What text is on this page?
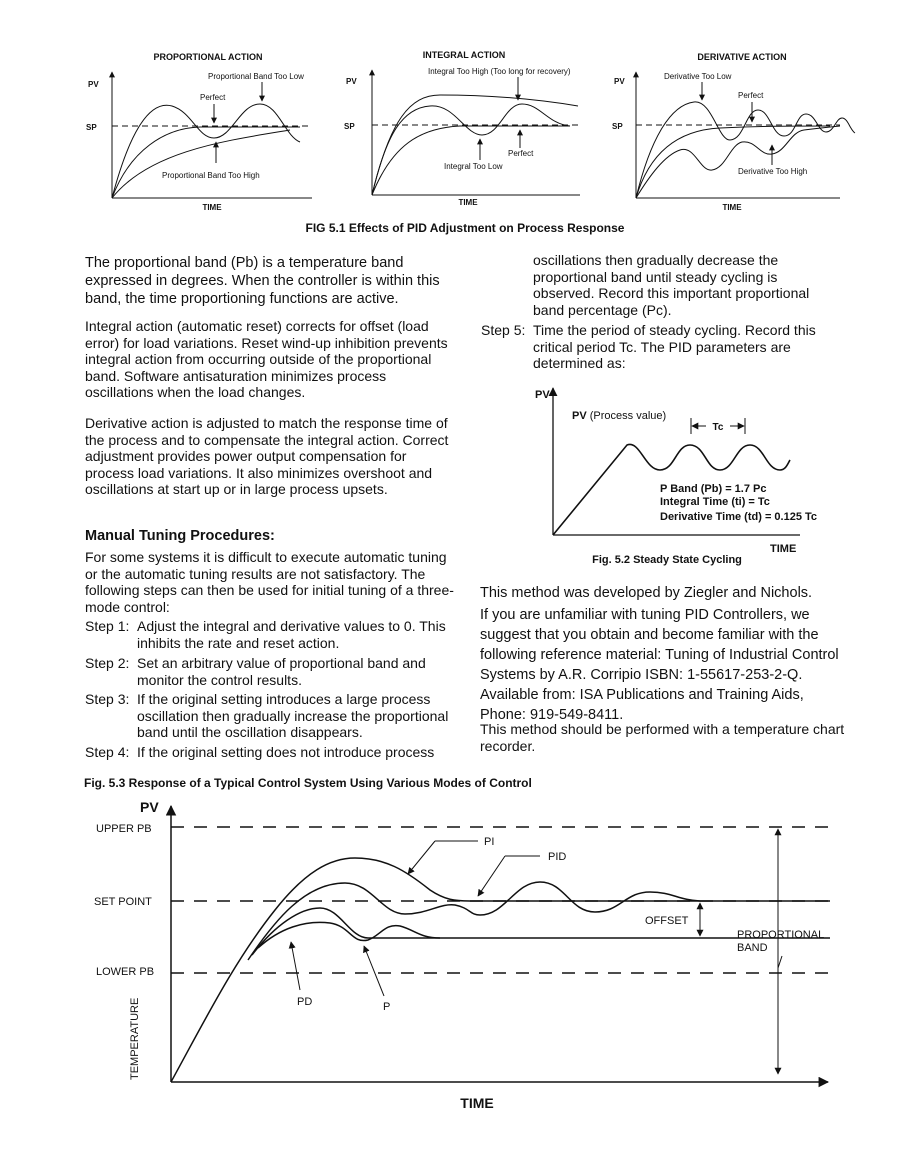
PROPORTIONAL ACTION
PV
SP
Proportional Band Too Low
Perfect
Proportional Band Too High
TIME
INTEGRAL ACTION
PV
SP
Integral Too High (Too long for recovery)
Perfect
Integral Too Low
TIME
DERIVATIVE ACTION
PV
SP
Derivative Too Low
Perfect
Derivative Too High
TIME
FIG 5.1 Effects of PID Adjustment on Process Response
The proportional band (Pb) is a temperature band expressed in degrees. When the controller is within this band, the time proportioning functions are active.
Integral action (automatic reset) corrects for offset (load error) for load variations. Reset wind-up inhibition prevents integral action from occurring outside of the proportional band. Software antisaturation minimizes process oscillations when the load changes.
Derivative action is adjusted to match the response time of the process and to compensate the integral action. Correct adjustment provides power output compensation for process load variations. It also minimizes overshoot and oscillations at start up or in large process upsets.
Manual Tuning Procedures:
For some systems it is difficult to execute automatic tuning or the automatic tuning results are not satisfactory. The following steps can then be used for initial tuning of a three-mode control:
Step 1: Adjust the integral and derivative values to 0. This inhibits the rate and reset action.
Step 2: Set an arbitrary value of proportional band and monitor the control results.
Step 3: If the original setting introduces a large process oscillation then gradually increase the proportional band until the oscillation disappears.
Step 4: If the original setting does not introduce process
oscillations then gradually decrease the proportional band until steady cycling is observed. Record this important proportional band percentage (Pc).
Step 5: Time the period of steady cycling. Record this critical period Tc. The PID parameters are determined as:
PV
PV (Process value)
Tc
P Band (Pb) = 1.7 Pc
Integral Time (ti) = Tc
Derivative Time (td) = 0.125 Tc
TIME
Fig. 5.2 Steady State Cycling
This method was developed by Ziegler and Nichols.
If you are unfamiliar with tuning PID Controllers, we suggest that you obtain and become familiar with the following reference material: Tuning of Industrial Control Systems by A.R. Corripio ISBN: 1-55617-253-2-Q. Available from: ISA Publications and Training Aids, Phone: 919-549-8411.
This method should be performed with a temperature chart recorder.
Fig. 5.3 Response of a Typical Control System Using Various Modes of Control
PV
UPPER PB
SET POINT
LOWER PB
TEMPERATURE
PI
PID
OFFSET
PROPORTIONAL
BAND
PD	P
TIME
